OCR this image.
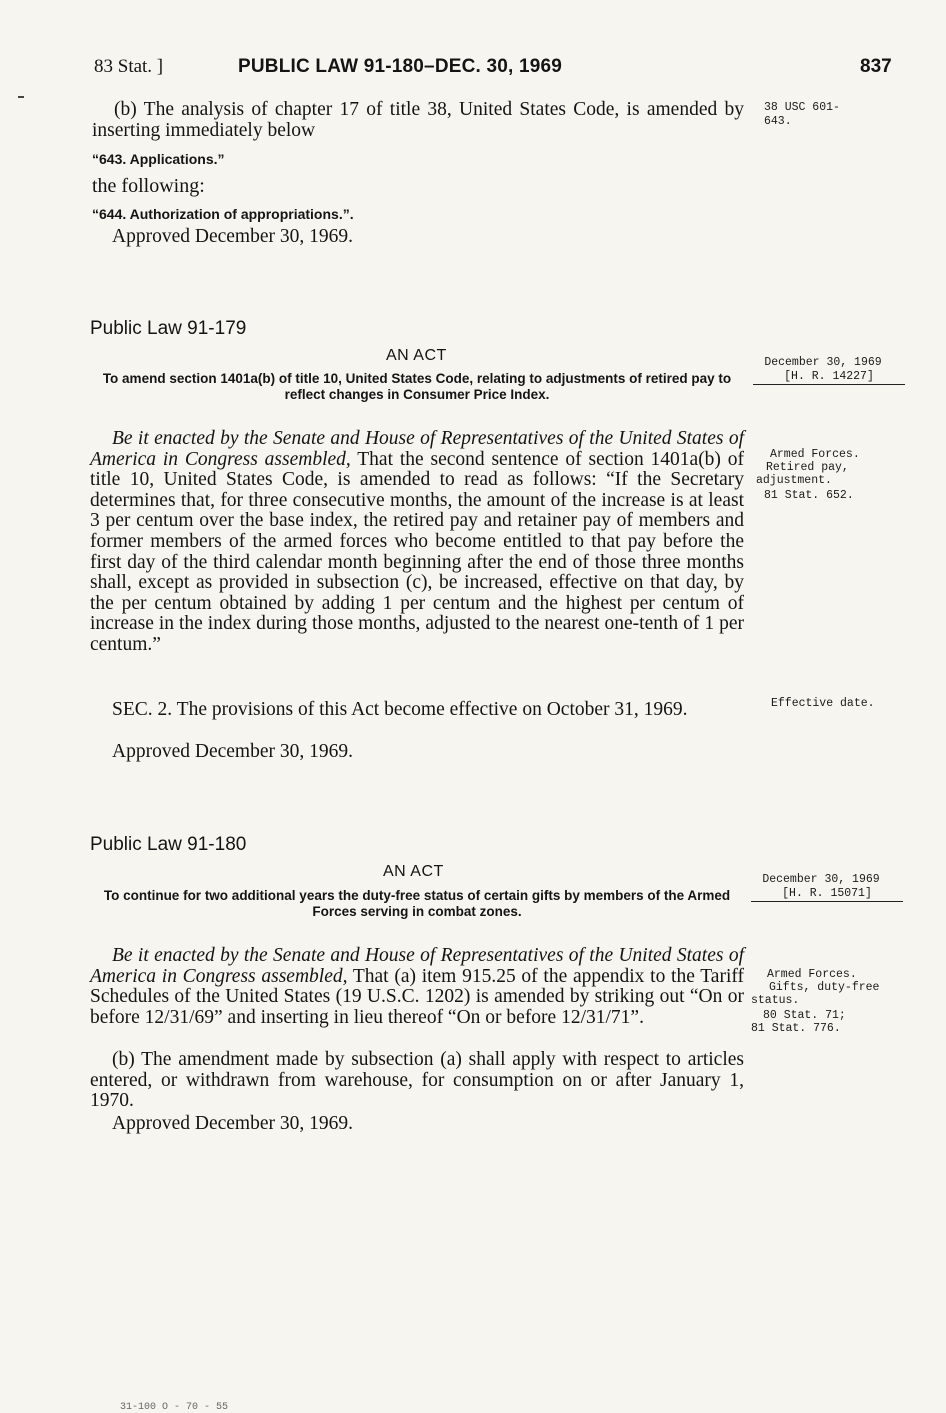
83 Stat. ]	PUBLIC LAW 91-180–DEC. 30, 1969	837
(b) The analysis of chapter 17 of title 38, United States Code, is amended by inserting immediately below
38 USC 601-643.
“643. Applications.”
the following:
“644. Authorization of appropriations.”.
Approved December 30, 1969.
Public Law 91-179
AN ACT
To amend section 1401a(b) of title 10, United States Code, relating to adjustments of retired pay to reflect changes in Consumer Price Index.
December 30, 1969
[H. R. 14227]
Be it enacted by the Senate and House of Representatives of the United States of America in Congress assembled, That the second sentence of section 1401a(b) of title 10, United States Code, is amended to read as follows: “If the Secretary determines that, for three consecutive months, the amount of the increase is at least 3 per centum over the base index, the retired pay and retainer pay of members and former members of the armed forces who become entitled to that pay before the first day of the third calendar month beginning after the end of those three months shall, except as provided in subsection (c), be increased, effective on that day, by the per centum obtained by adding 1 per centum and the highest per centum of increase in the index during those months, adjusted to the nearest one-tenth of 1 per centum.”
Armed Forces.
Retired pay,
adjustment.
81 Stat. 652.
SEC. 2. The provisions of this Act become effective on October 31, 1969.	Effective date.
Approved December 30, 1969.
Public Law 91-180
AN ACT
To continue for two additional years the duty-free status of certain gifts by members of the Armed Forces serving in combat zones.
December 30, 1969
[H. R. 15071]
Be it enacted by the Senate and House of Representatives of the United States of America in Congress assembled, That (a) item 915.25 of the appendix to the Tariff Schedules of the United States (19 U.S.C. 1202) is amended by striking out “On or before 12/31/69” and inserting in lieu thereof “On or before 12/31/71”.
Armed Forces.
Gifts, duty-free
status.
80 Stat. 71;
81 Stat. 776.
(b) The amendment made by subsection (a) shall apply with respect to articles entered, or withdrawn from warehouse, for consumption on or after January 1, 1970.
Approved December 30, 1969.
31-100 O - 70 - 55
